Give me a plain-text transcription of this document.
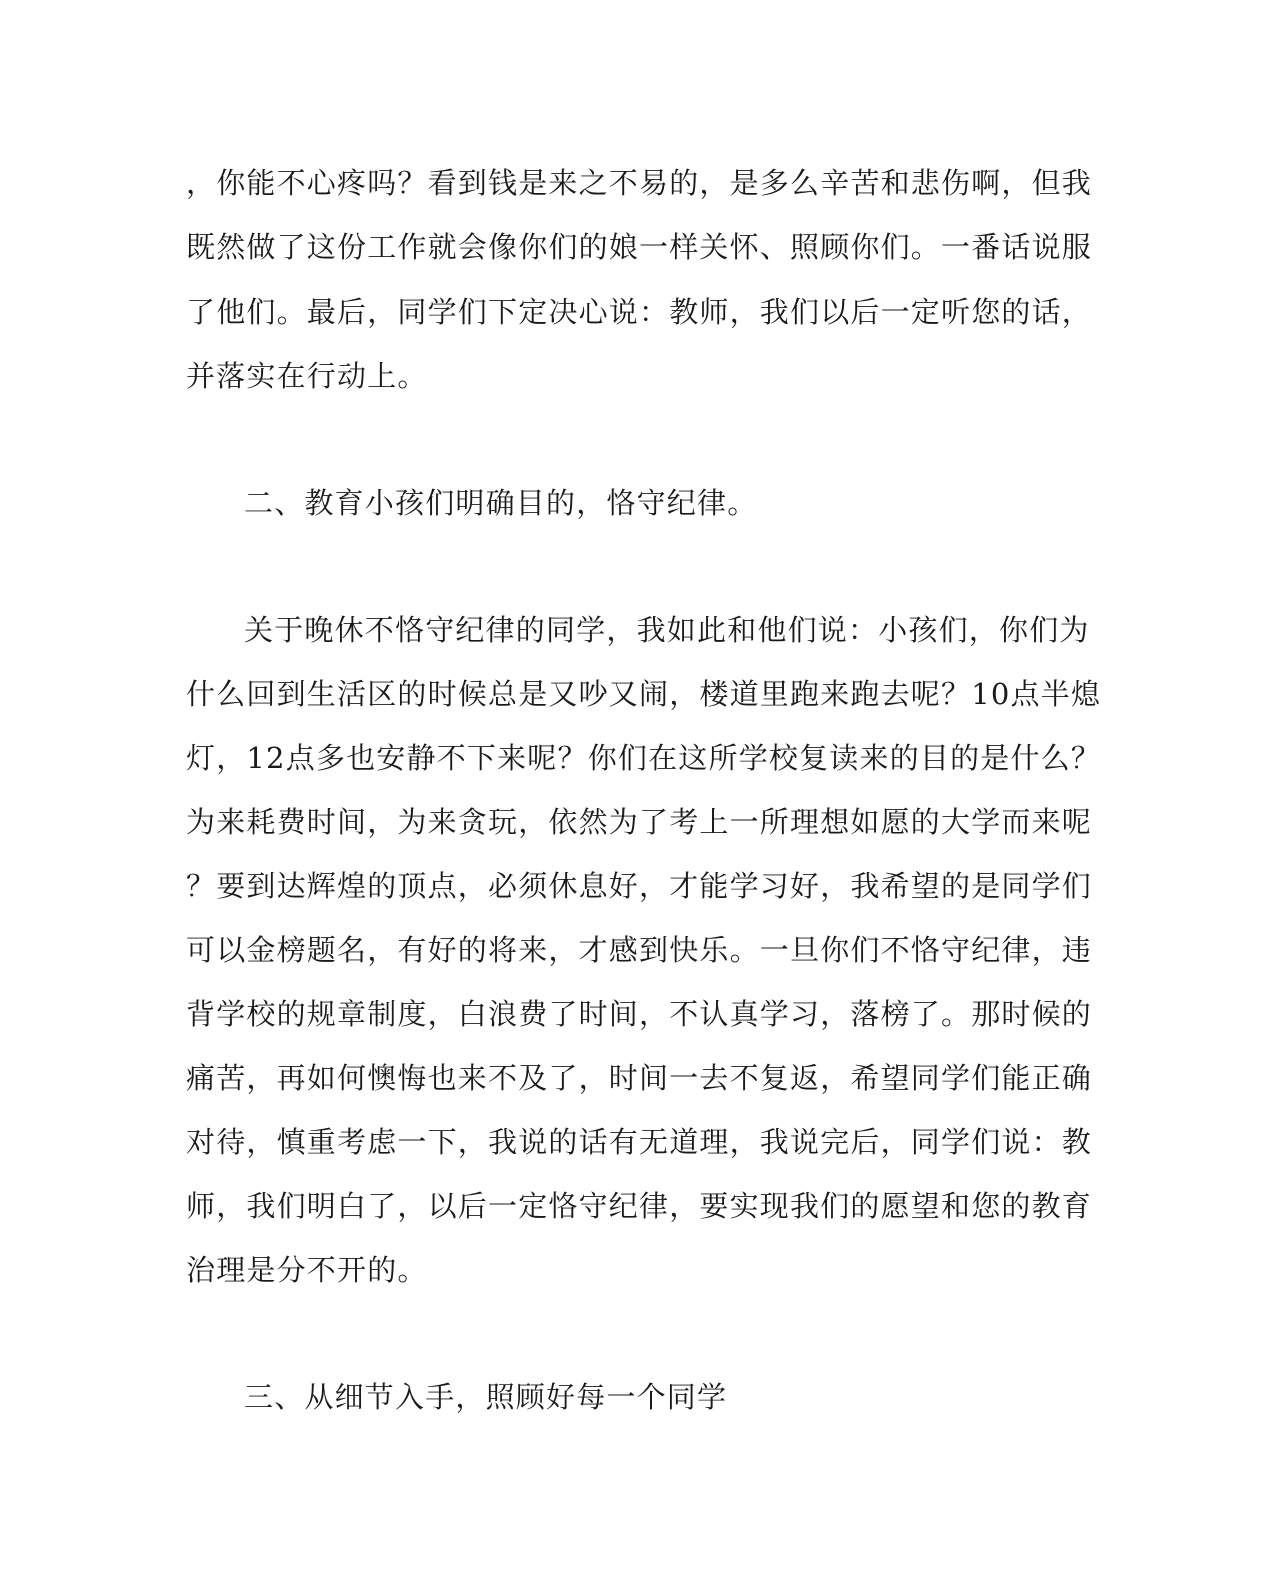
，你能不心疼吗？看到钱是来之不易的，是多么辛苦和悲伤啊，但我
既然做了这份工作就会像你们的娘一样关怀、照顾你们。一番话说服
了他们。最后，同学们下定决心说：教师，我们以后一定听您的话，
并落实在行动上。
二、教育小孩们明确目的，恪守纪律。
关于晚休不恪守纪律的同学，我如此和他们说：小孩们，你们为
什么回到生活区的时候总是又吵又闹，楼道里跑来跑去呢？10点半熄
灯，12点多也安静不下来呢？你们在这所学校复读来的目的是什么？
为来耗费时间，为来贪玩，依然为了考上一所理想如愿的大学而来呢
？要到达辉煌的顶点，必须休息好，才能学习好，我希望的是同学们
可以金榜题名，有好的将来，才感到快乐。一旦你们不恪守纪律，违
背学校的规章制度，白浪费了时间，不认真学习，落榜了。那时候的
痛苦，再如何懊悔也来不及了，时间一去不复返，希望同学们能正确
对待，慎重考虑一下，我说的话有无道理，我说完后，同学们说：教
师，我们明白了，以后一定恪守纪律，要实现我们的愿望和您的教育
治理是分不开的。
三、从细节入手，照顾好每一个同学
